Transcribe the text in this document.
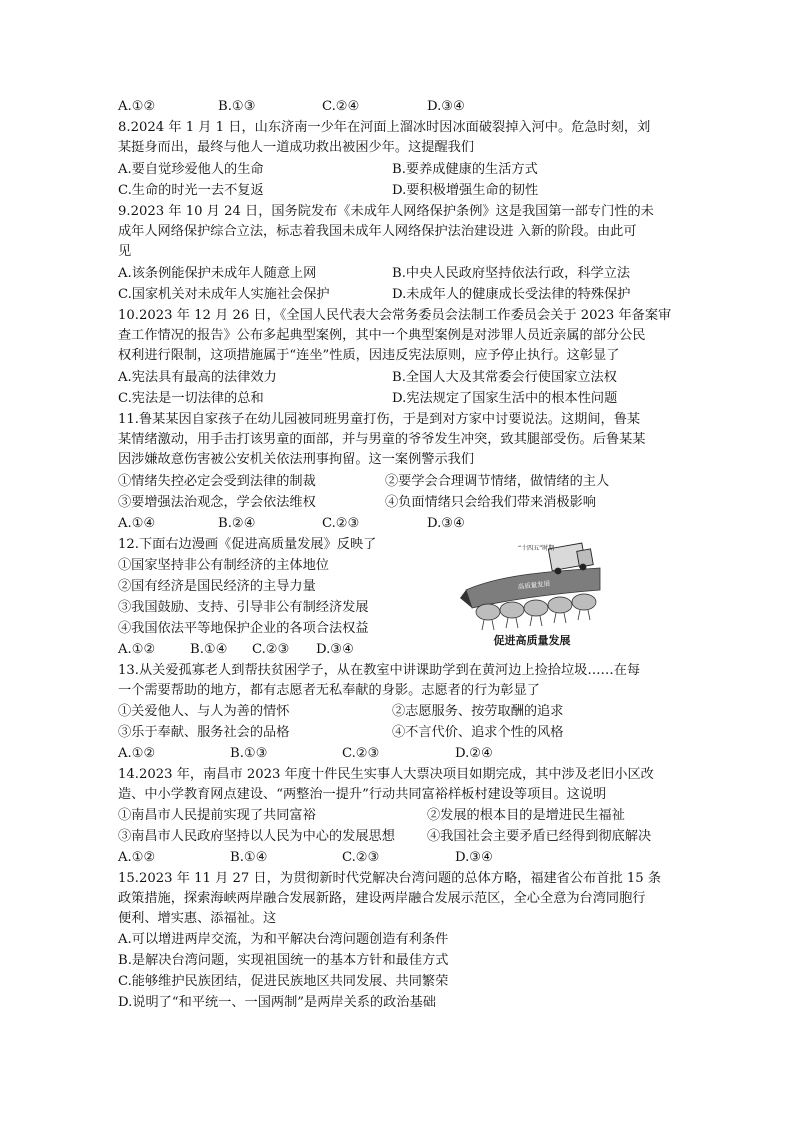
A.①②	B.①③	C.②④	D.③④
8.2024 年 1 月 1 日，山东济南一少年在河面上溜冰时因冰面破裂掉入河中。危急时刻，刘
某挺身而出，最终与他人一道成功救出被困少年。这提醒我们
A.要自觉珍爱他人的生命	B.要养成健康的生活方式
C.生命的时光一去不复返	D.要积极增强生命的韧性
9.2023 年 10 月 24 日，国务院发布《未成年人网络保护条例》这是我国第一部专门性的未
成年人网络保护综合立法，标志着我国未成年人网络保护法治建设进 入新的阶段。由此可
见
A.该条例能保护未成年人随意上网	B.中央人民政府坚持依法行政，科学立法
C.国家机关对未成年人实施社会保护	D.未成年人的健康成长受法律的特殊保护
10.2023 年 12 月 26 日，《全国人民代表大会常务委员会法制工作委员会关于 2023 年备案审
查工作情况的报告》公布多起典型案例，其中一个典型案例是对涉罪人员近亲属的部分公民
权利进行限制，这项措施属于“连坐”性质，因违反宪法原则，应予停止执行。这彰显了
A.宪法具有最高的法律效力	B.全国人大及其常委会行使国家立法权
C.宪法是一切法律的总和	D.宪法规定了国家生活中的根本性问题
11.鲁某某因自家孩子在幼儿园被同班男童打伤，于是到对方家中讨要说法。这期间，鲁某
某情绪激动，用手击打该男童的面部，并与男童的爷爷发生冲突，致其腿部受伤。后鲁某某
因涉嫌故意伤害被公安机关依法刑事拘留。这一案例警示我们
①情绪失控必定会受到法律的制裁	②要学会合理调节情绪，做情绪的主人
③要增强法治观念，学会依法维权	④负面情绪只会给我们带来消极影响
A.①④	B.②④	C.②③	D.③④
12.下面右边漫画《促进高质量发展》反映了
①国家坚持非公有制经济的主体地位
②国有经济是国民经济的主导力量
③我国鼓励、支持、引导非公有制经济发展
④我国依法平等地保护企业的各项合法权益
A.①②	B.①④ C.②③ D.③④
高质量发展
“十四五”时期
促进高质量发展
13.从关爱孤寡老人到帮扶贫困学子，从在教室中讲课助学到在黄河边上捡拾垃圾……在每
一个需要帮助的地方，都有志愿者无私奉献的身影。志愿者的行为彰显了
①关爱他人、与人为善的情怀	②志愿服务、按劳取酬的追求
③乐于奉献、服务社会的品格	④不言代价、追求个性的风格
A.①②	B.①③	C.②③	D.②④
14.2023 年，南昌市 2023 年度十件民生实事人大票决项目如期完成，其中涉及老旧小区改
造、中小学教育网点建设、“两整治一提升”行动共同富裕样板村建设等项目。这说明
①南昌市人民提前实现了共同富裕	②发展的根本目的是增进民生福祉
③南昌市人民政府坚持以人民为中心的发展思想 ④我国社会主要矛盾已经得到彻底解决
A.①②	B.①④	C.②③	D.③④
15.2023 年 11 月 27 日，为贯彻新时代党解决台湾问题的总体方略，福建省公布首批 15 条
政策措施，探索海峡两岸融合发展新路，建设两岸融合发展示范区，全心全意为台湾同胞行
便利、增实惠、添福祉。这
A.可以增进两岸交流，为和平解决台湾问题创造有利条件
B.是解决台湾问题，实现祖国统一的基本方针和最佳方式
C.能够维护民族团结，促进民族地区共同发展、共同繁荣
D.说明了“和平统一、一国两制”是两岸关系的政治基础
